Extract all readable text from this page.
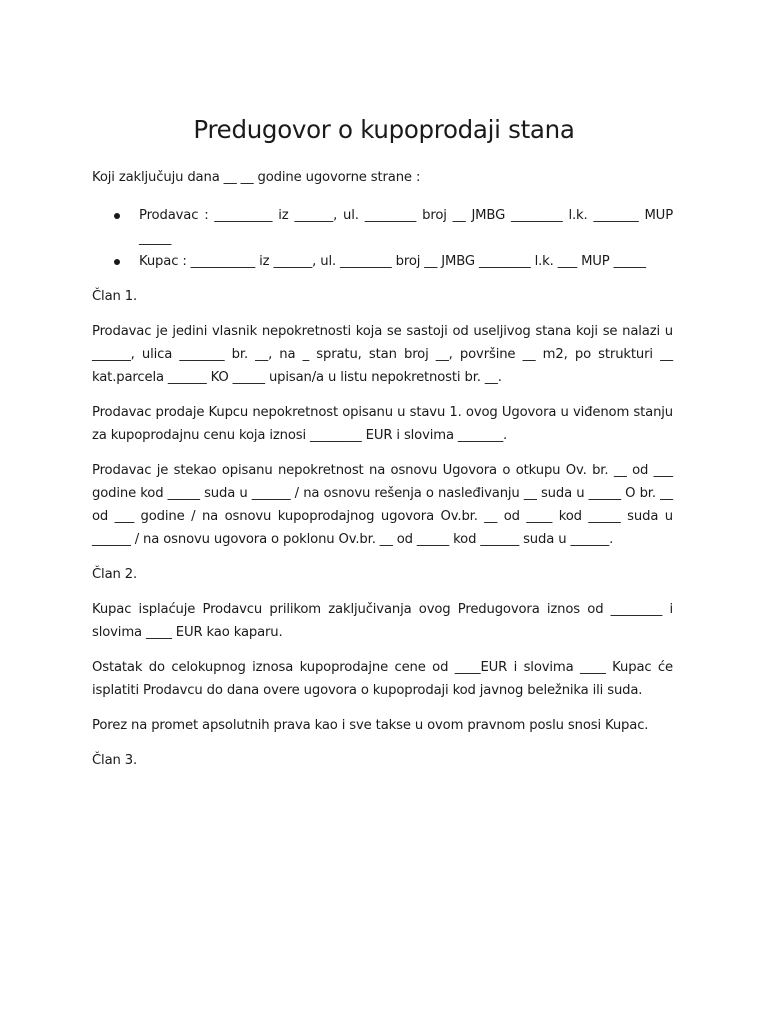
Predugovor o kupoprodaji stana

Koji zaključuju dana __ __ godine ugovorne strane :

Prodavac : _________ iz ______, ul. ________ broj __ JMBG ________ l.k. _______ MUP _____
Kupac : __________ iz ______, ul. ________ broj __ JMBG ________ l.k. ___ MUP _____

Član 1.

Prodavac je jedini vlasnik nepokretnosti koja se sastoji od useljivog stana koji se nalazi u ______, ulica _______ br. __, na _ spratu, stan broj __, površine __ m2, po strukturi __ kat.parcela ______ KO _____ upisan/a u listu nepokretnosti br. __.

Prodavac prodaje Kupcu nepokretnost opisanu u stavu 1. ovog Ugovora u viđenom stanju za kupoprodajnu cenu koja iznosi ________ EUR i slovima _______.

Prodavac je stekao opisanu nepokretnost na osnovu Ugovora o otkupu Ov. br. __ od ___ godine kod _____ suda u ______ / na osnovu rešenja o nasleđivanju __ suda u _____ O br. __ od ___ godine / na osnovu kupoprodajnog ugovora Ov.br. __ od ____ kod _____ suda u ______ / na osnovu ugovora o poklonu Ov.br. __ od _____ kod ______ suda u ______.

Član 2.

Kupac isplaćuje Prodavcu prilikom zaključivanja ovog Predugovora iznos od ________ i slovima ____ EUR kao kaparu.

Ostatak do celokupnog iznosa kupoprodajne cene od ____EUR i slovima ____ Kupac će isplatiti Prodavcu do dana overe ugovora o kupoprodaji kod javnog beležnika ili suda.

Porez na promet apsolutnih prava kao i sve takse u ovom pravnom poslu snosi Kupac.

Član 3.
